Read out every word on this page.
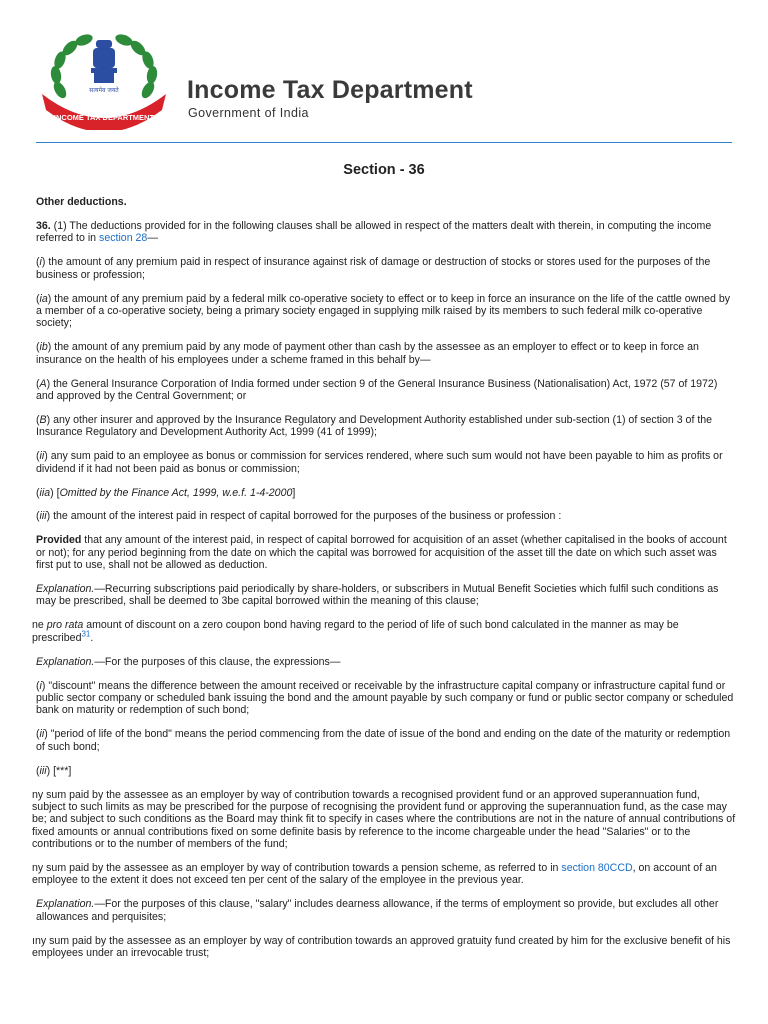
सत्यमेव जयते
INCOME TAX DEPARTMENT
Income Tax Department
Government of India
Section - 36

Other deductions.

36. (1) The deductions provided for in the following clauses shall be allowed in respect of the matters dealt with therein, in computing the income referred to in section 28—

(i) the amount of any premium paid in respect of insurance against risk of damage or destruction of stocks or stores used for the purposes of the business or profession;

(ia) the amount of any premium paid by a federal milk co-operative society to effect or to keep in force an insurance on the life of the cattle owned by a member of a co-operative society, being a primary society engaged in supplying milk raised by its members to such federal milk co-operative society;

(ib) the amount of any premium paid by any mode of payment other than cash by the assessee as an employer to effect or to keep in force an insurance on the health of his employees under a scheme framed in this behalf by—

(A) the General Insurance Corporation of India formed under section 9 of the General Insurance Business (Nationalisation) Act, 1972 (57 of 1972) and approved by the Central Government; or

(B) any other insurer and approved by the Insurance Regulatory and Development Authority established under sub-section (1) of section 3 of the Insurance Regulatory and Development Authority Act, 1999 (41 of 1999);

(ii) any sum paid to an employee as bonus or commission for services rendered, where such sum would not have been payable to him as profits or dividend if it had not been paid as bonus or commission;

(iia) [Omitted by the Finance Act, 1999, w.e.f. 1-4-2000]

(iii) the amount of the interest paid in respect of capital borrowed for the purposes of the business or profession :

Provided that any amount of the interest paid, in respect of capital borrowed for acquisition of an asset (whether capitalised in the books of account or not); for any period beginning from the date on which the capital was borrowed for acquisition of the asset till the date on which such asset was first put to use, shall not be allowed as deduction.

Explanation.—Recurring subscriptions paid periodically by share-holders, or subscribers in Mutual Benefit Societies which fulfil such conditions as may be prescribed, shall be deemed to 3be capital borrowed within the meaning of this clause;

ne pro rata amount of discount on a zero coupon bond having regard to the period of life of such bond calculated in the manner as may be prescribed$^{31}$.

Explanation.—For the purposes of this clause, the expressions—

(i) "discount" means the difference between the amount received or receivable by the infrastructure capital company or infrastructure capital fund or public sector company or scheduled bank issuing the bond and the amount payable by such company or fund or public sector company or scheduled bank on maturity or redemption of such bond;

(ii) "period of life of the bond" means the period commencing from the date of issue of the bond and ending on the date of the maturity or redemption of such bond;

(iii) [***]

ny sum paid by the assessee as an employer by way of contribution towards a recognised provident fund or an approved superannuation fund, subject to such limits as may be prescribed for the purpose of recognising the provident fund or approving the superannuation fund, as the case may be; and subject to such conditions as the Board may think fit to specify in cases where the contributions are not in the nature of annual contributions of fixed amounts or annual contributions fixed on some definite basis by reference to the income chargeable under the head "Salaries" or to the contributions or to the number of members of the fund;

ny sum paid by the assessee as an employer by way of contribution towards a pension scheme, as referred to in section 80CCD, on account of an employee to the extent it does not exceed ten per cent of the salary of the employee in the previous year.

Explanation.—For the purposes of this clause, "salary" includes dearness allowance, if the terms of employment so provide, but excludes all other allowances and perquisites;

ıny sum paid by the assessee as an employer by way of contribution towards an approved gratuity fund created by him for the exclusive benefit of his employees under an irrevocable trust;
